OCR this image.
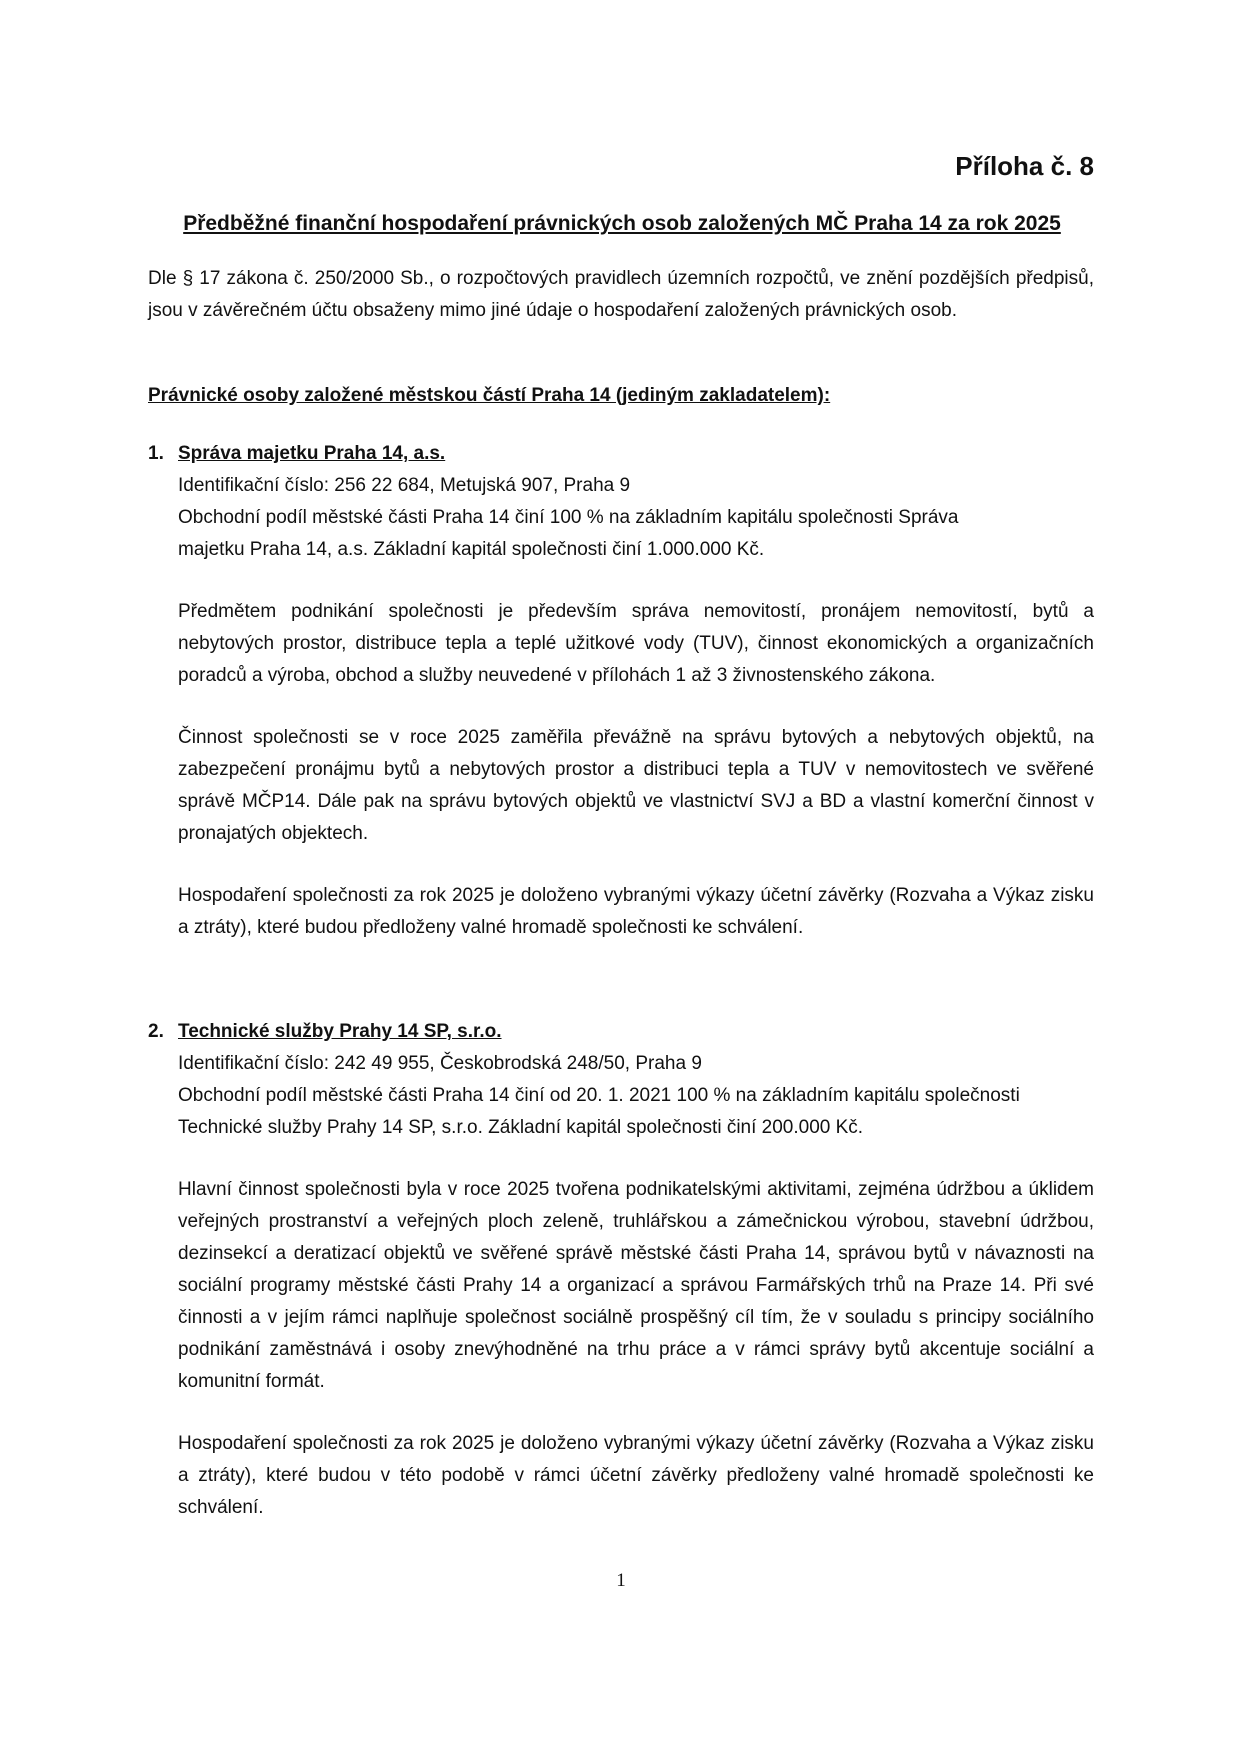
Příloha č. 8
Předběžné finanční hospodaření právnických osob založených MČ Praha 14 za rok 2025

Dle § 17 zákona č. 250/2000 Sb., o rozpočtových pravidlech územních rozpočtů, ve znění pozdějších předpisů, jsou v závěrečném účtu obsaženy mimo jiné údaje o hospodaření založených právnických osob.

Právnické osoby založené městskou částí Praha 14 (jediným zakladatelem):

1. Správa majetku Praha 14, a.s.

Identifikační číslo: 256 22 684, Metujská 907, Praha 9

Obchodní podíl městské části Praha 14 činí 100 % na základním kapitálu společnosti Správa

majetku Praha 14, a.s. Základní kapitál společnosti činí 1.000.000 Kč.

Předmětem podnikání společnosti je především správa nemovitostí, pronájem nemovitostí, bytů a nebytových prostor, distribuce tepla a teplé užitkové vody (TUV), činnost ekonomických a organizačních poradců a výroba, obchod a služby neuvedené v přílohách 1 až 3 živnostenského zákona.

Činnost společnosti se v roce 2025 zaměřila převážně na správu bytových a nebytových objektů, na zabezpečení pronájmu bytů a nebytových prostor a distribuci tepla a TUV v nemovitostech ve svěřené správě MČP14. Dále pak na správu bytových objektů ve vlastnictví SVJ a BD a vlastní komerční činnost v pronajatých objektech.

Hospodaření společnosti za rok 2025 je doloženo vybranými výkazy účetní závěrky (Rozvaha a Výkaz zisku a ztráty), které budou předloženy valné hromadě společnosti ke schválení.

2. Technické služby Prahy 14 SP, s.r.o.

Identifikační číslo: 242 49 955, Českobrodská 248/50, Praha 9

Obchodní podíl městské části Praha 14 činí od 20. 1. 2021 100 % na základním kapitálu společnosti

Technické služby Prahy 14 SP, s.r.o. Základní kapitál společnosti činí 200.000 Kč.

Hlavní činnost společnosti byla v roce 2025 tvořena podnikatelskými aktivitami, zejména údržbou a úklidem veřejných prostranství a veřejných ploch zeleně, truhlářskou a zámečnickou výrobou, stavební údržbou, dezinsekcí a deratizací objektů ve svěřené správě městské části Praha 14, správou bytů v návaznosti na sociální programy městské části Prahy 14 a organizací a správou Farmářských trhů na Praze 14. Při své činnosti a v jejím rámci naplňuje společnost sociálně prospěšný cíl tím, že v souladu s principy sociálního podnikání zaměstnává i osoby znevýhodněné na trhu práce a v rámci správy bytů akcentuje sociální a komunitní formát.

Hospodaření společnosti za rok 2025 je doloženo vybranými výkazy účetní závěrky (Rozvaha a Výkaz zisku a ztráty), které budou v této podobě v rámci účetní závěrky předloženy valné hromadě společnosti ke schválení.

1
